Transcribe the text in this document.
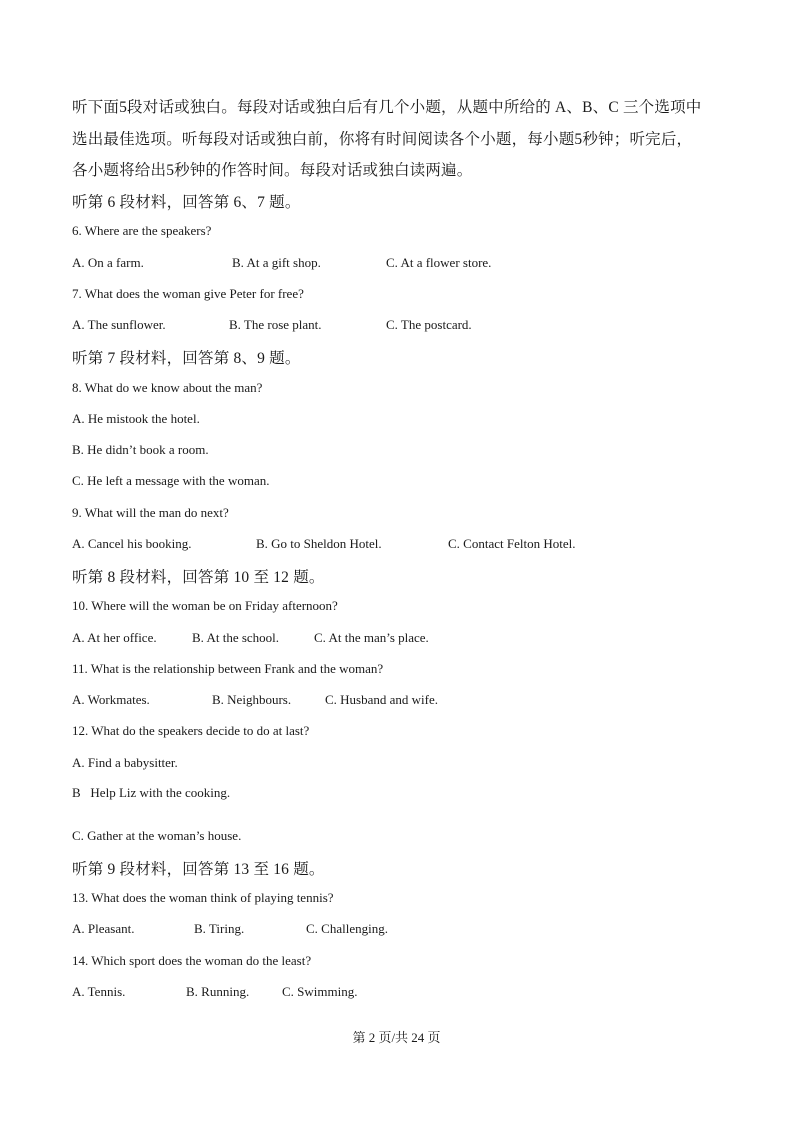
听下面5段对话或独白。每段对话或独白后有几个小题，从题中所给的 A、B、C 三个选项中
选出最佳选项。听每段对话或独白前，你将有时间阅读各个小题，每小题5秒钟；听完后，
各小题将给出5秒钟的作答时间。每段对话或独白读两遍。
听第 6 段材料，回答第 6、7 题。
6. Where are the speakers?
A. On a farm.	B. At a gift shop.	C. At a flower store.
7. What does the woman give Peter for free?
A. The sunflower.	B. The rose plant.	C. The postcard.
听第 7 段材料，回答第 8、9 题。
8. What do we know about the man?
A. He mistook the hotel.
B. He didn’t book a room.
C. He left a message with the woman.
9. What will the man do next?
A. Cancel his booking.	B. Go to Sheldon Hotel.	C. Contact Felton Hotel.
听第 8 段材料，回答第 10 至 12 题。
10. Where will the woman be on Friday afternoon?
A. At her office.	B. At the school.	C. At the man’s place.
11. What is the relationship between Frank and the woman?
A. Workmates.	B. Neighbours.	C. Husband and wife.
12. What do the speakers decide to do at last?
A. Find a babysitter.
B   Help Liz with the cooking.
C. Gather at the woman’s house.
听第 9 段材料，回答第 13 至 16 题。
13. What does the woman think of playing tennis?
A. Pleasant.	B. Tiring.	C. Challenging.
14. Which sport does the woman do the least?
A. Tennis.	B. Running.	C. Swimming.
第 2 页/共 24 页
